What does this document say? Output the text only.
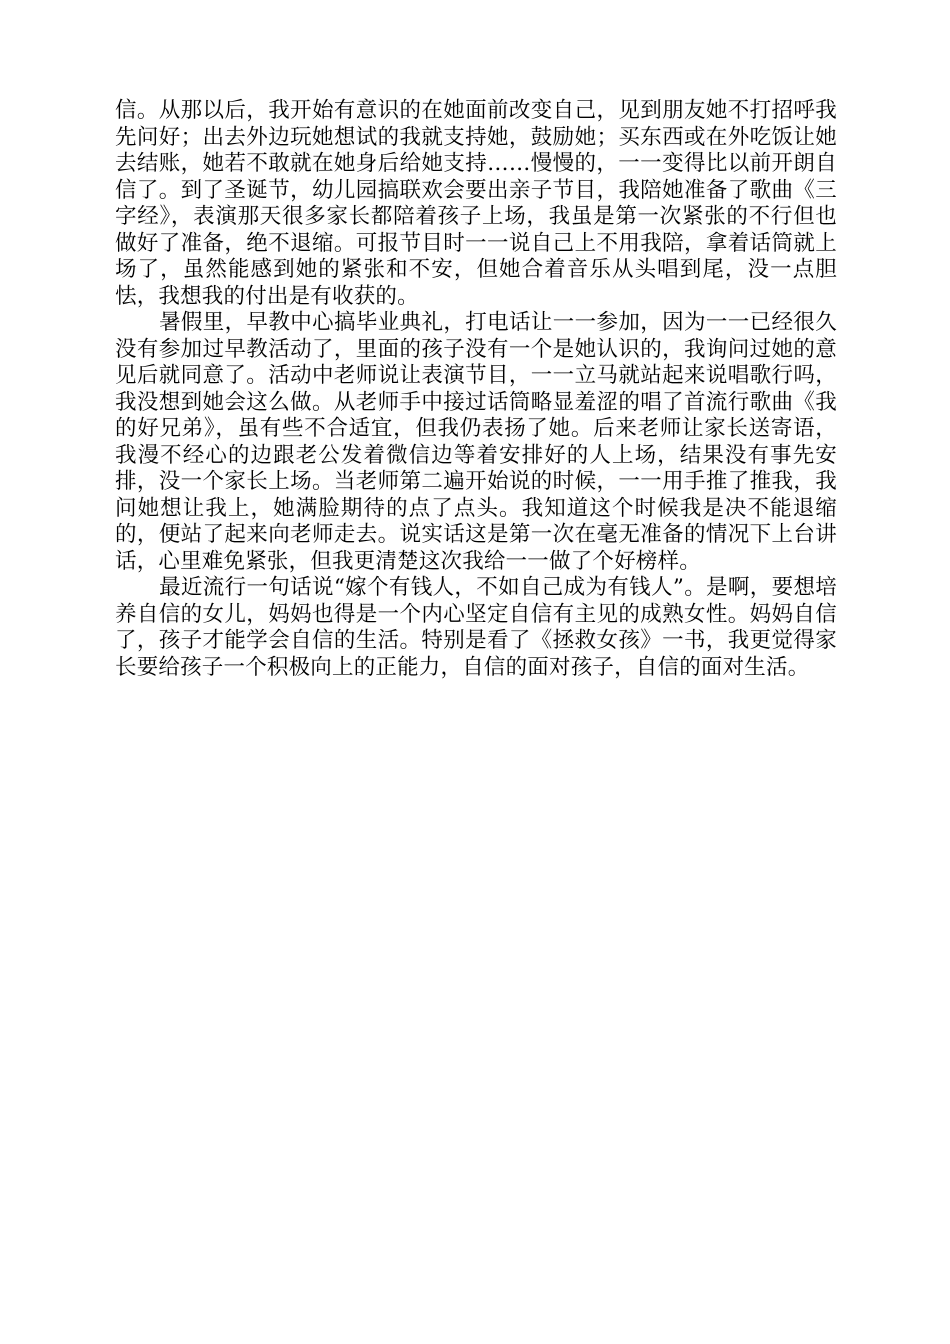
信。从那以后，我开始有意识的在她面前改变自己，见到朋友她不打招呼我先问好；出去外边玩她想试的我就支持她，鼓励她；买东西或在外吃饭让她去结账，她若不敢就在她身后给她支持……慢慢的，一一变得比以前开朗自信了。到了圣诞节，幼儿园搞联欢会要出亲子节目，我陪她准备了歌曲《三字经》，表演那天很多家长都陪着孩子上场，我虽是第一次紧张的不行但也做好了准备，绝不退缩。可报节目时一一说自己上不用我陪，拿着话筒就上场了，虽然能感到她的紧张和不安，但她合着音乐从头唱到尾，没一点胆怯，我想我的付出是有收获的。

暑假里，早教中心搞毕业典礼，打电话让一一参加，因为一一已经很久没有参加过早教活动了，里面的孩子没有一个是她认识的，我询问过她的意见后就同意了。活动中老师说让表演节目，一一立马就站起来说唱歌行吗，我没想到她会这么做。从老师手中接过话筒略显羞涩的唱了首流行歌曲《我的好兄弟》，虽有些不合适宜，但我仍表扬了她。后来老师让家长送寄语，我漫不经心的边跟老公发着微信边等着安排好的人上场，结果没有事先安排，没一个家长上场。当老师第二遍开始说的时候，一一用手推了推我，我问她想让我上，她满脸期待的点了点头。我知道这个时候我是决不能退缩的，便站了起来向老师走去。说实话这是第一次在毫无准备的情况下上台讲话，心里难免紧张，但我更清楚这次我给一一做了个好榜样。

最近流行一句话说“嫁个有钱人，不如自己成为有钱人”。是啊，要想培养自信的女儿，妈妈也得是一个内心坚定自信有主见的成熟女性。妈妈自信了，孩子才能学会自信的生活。特别是看了《拯救女孩》一书，我更觉得家长要给孩子一个积极向上的正能力，自信的面对孩子，自信的面对生活。
